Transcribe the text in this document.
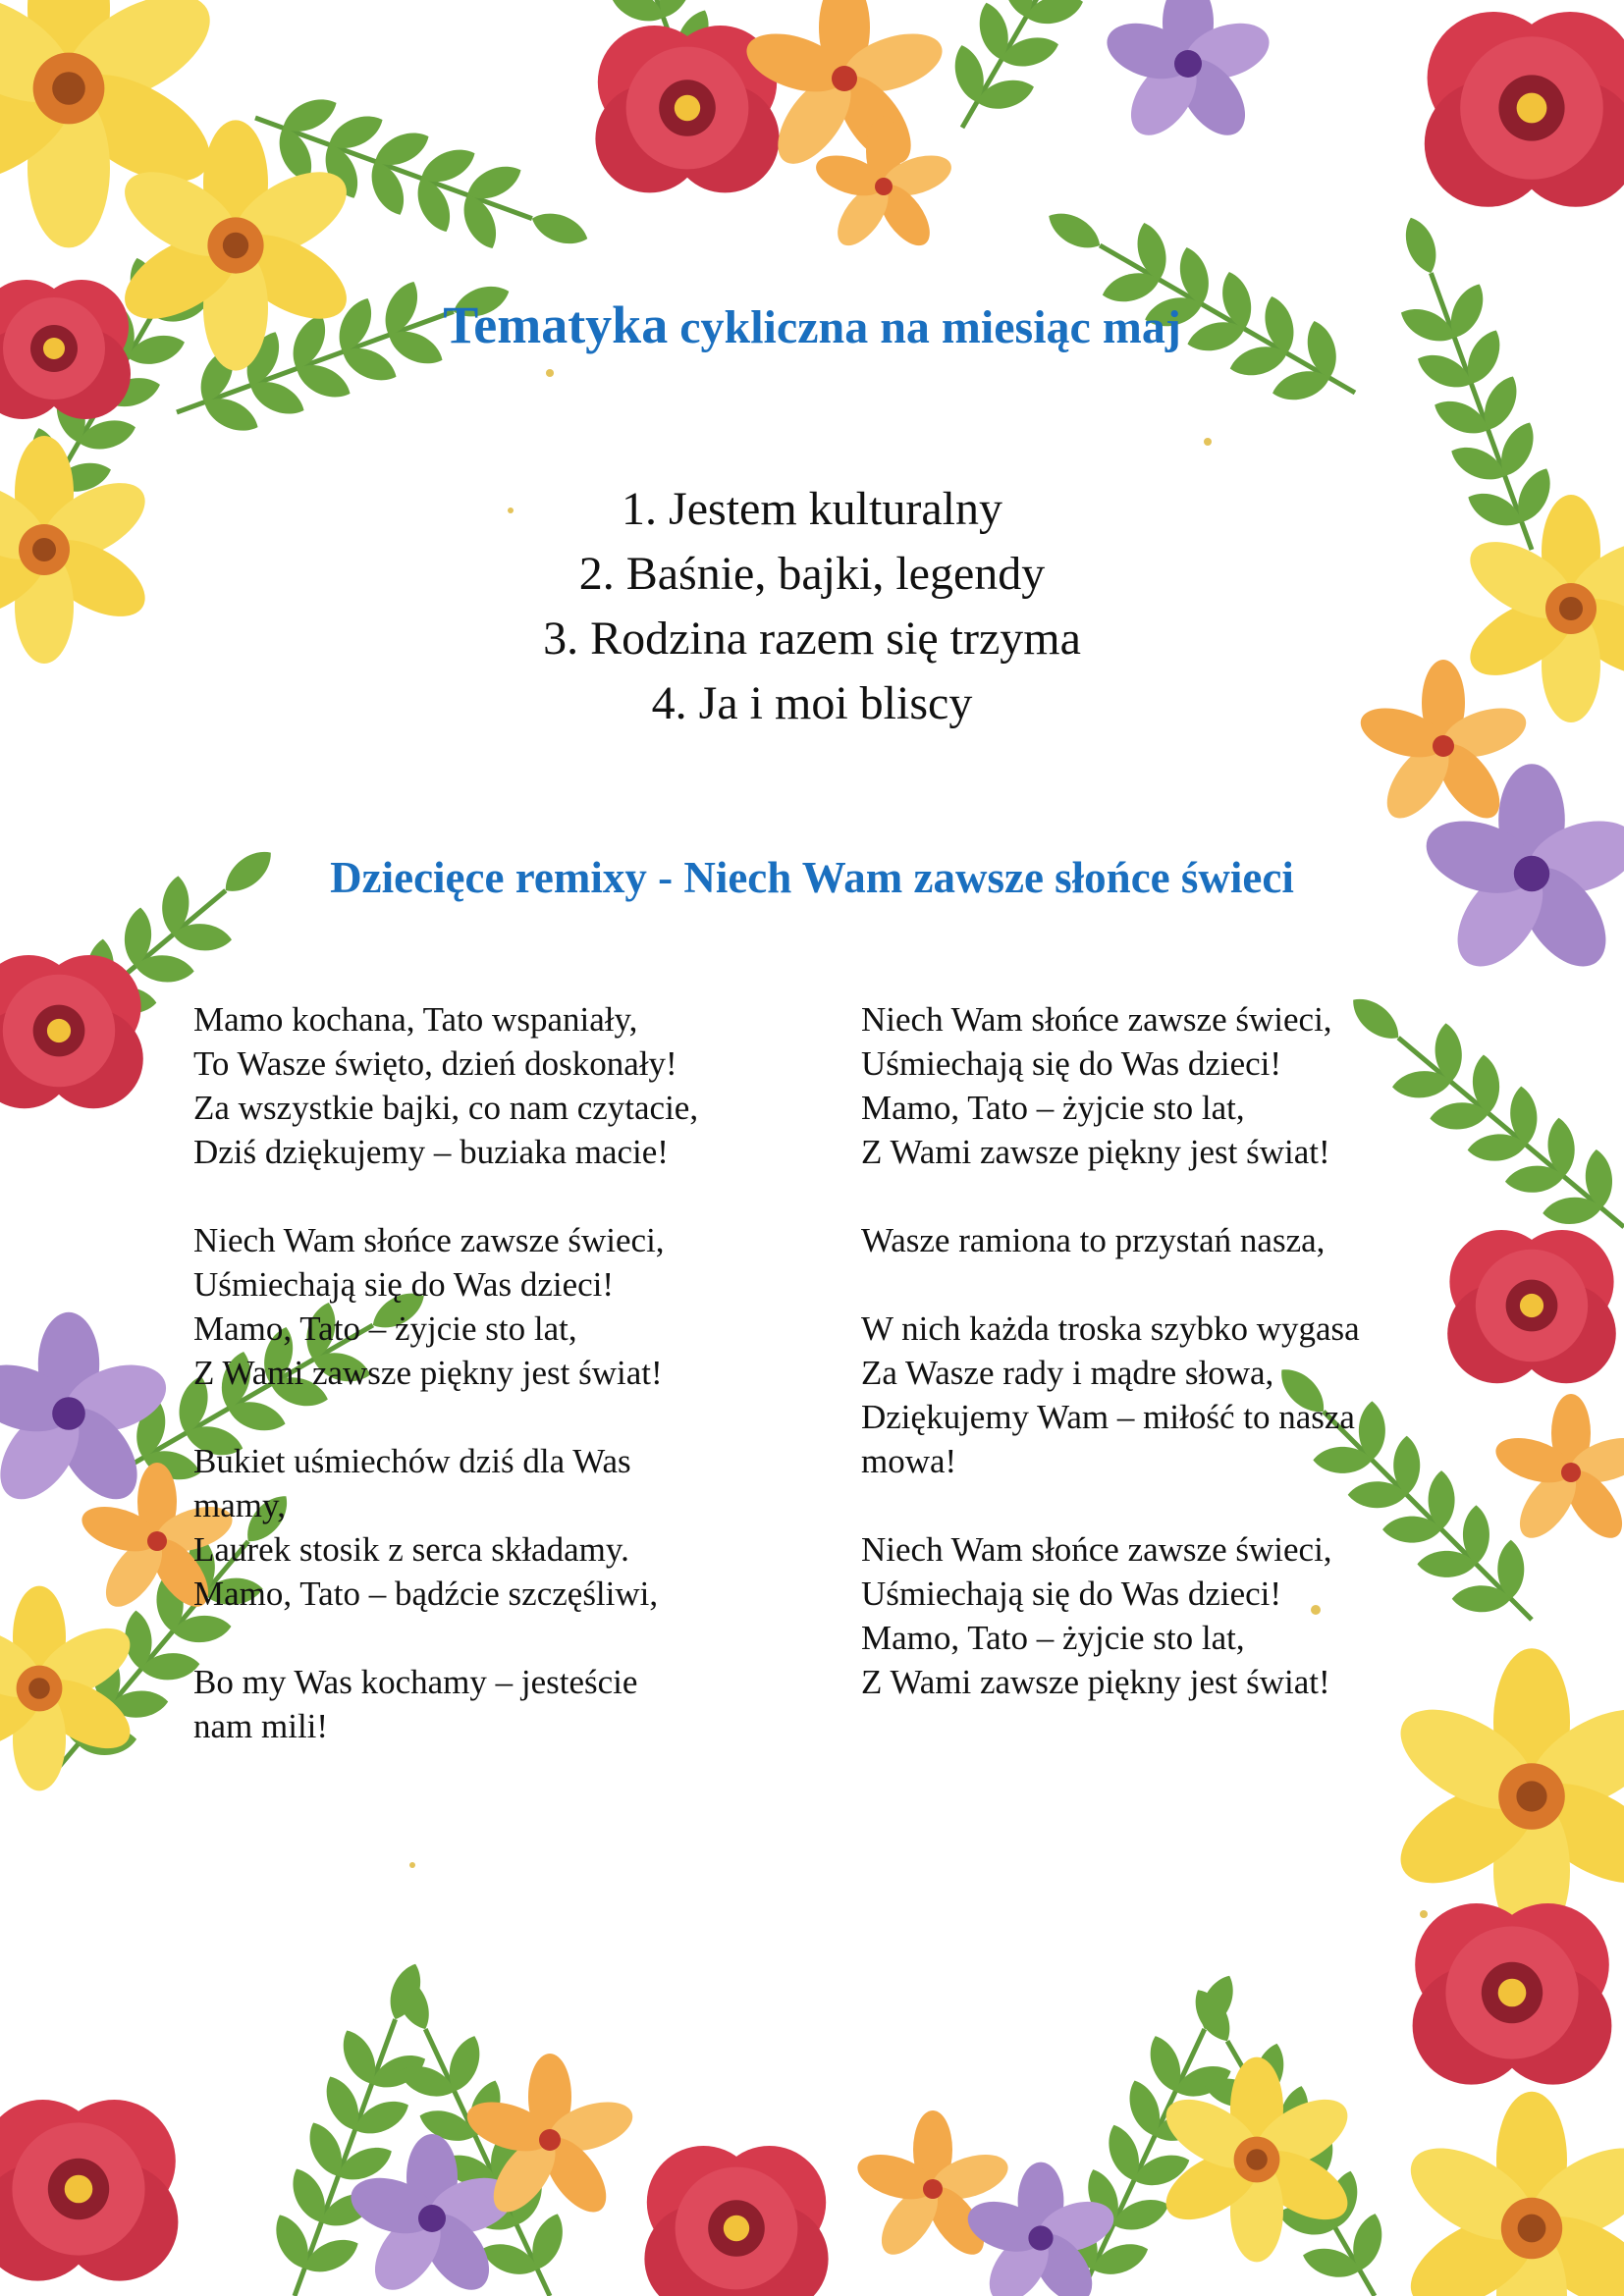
Tematyka cykliczna na miesiąc maj
1. Jestem kulturalny
2. Baśnie, bajki, legendy
3. Rodzina razem się trzyma
4. Ja i moi bliscy
Dziecięce remixy - Niech Wam zawsze słońce świeci

Mamo kochana, Tato wspaniały,

To Wasze święto, dzień doskonały!

Za wszystkie bajki, co nam czytacie,

Dziś dziękujemy – buziaka macie!

Niech Wam słońce zawsze świeci,

Uśmiechają się do Was dzieci!

Mamo, Tato – żyjcie sto lat,

Z Wami zawsze piękny jest świat!

Bukiet uśmiechów dziś dla Was

mamy,

Laurek stosik z serca składamy.

Mamo, Tato – bądźcie szczęśliwi,

Bo my Was kochamy – jesteście

nam mili!

Niech Wam słońce zawsze świeci,

Uśmiechają się do Was dzieci!

Mamo, Tato – żyjcie sto lat,

Z Wami zawsze piękny jest świat!

Wasze ramiona to przystań nasza,

W nich każda troska szybko wygasa

Za Wasze rady i mądre słowa,

Dziękujemy Wam – miłość to nasza

mowa!

Niech Wam słońce zawsze świeci,

Uśmiechają się do Was dzieci!

Mamo, Tato – żyjcie sto lat,

Z Wami zawsze piękny jest świat!
